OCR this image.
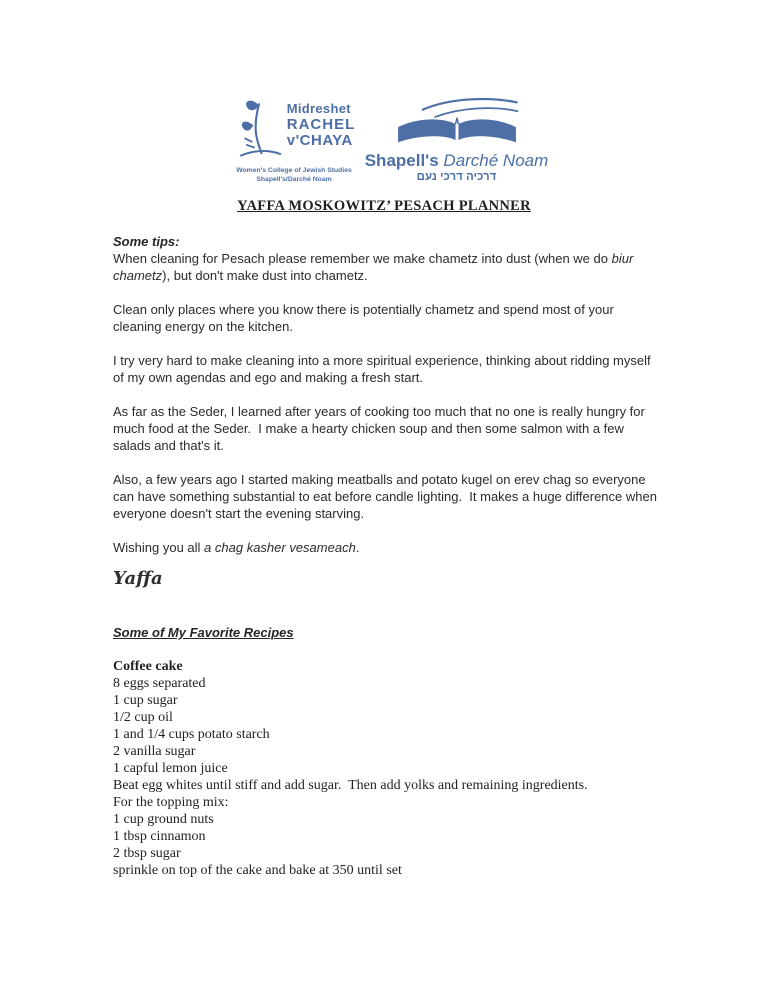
Midreshet
RACHEL
v'CHAYA
Women's College of Jewish Studies
Shapell's/Darché Noam
Shapell's Darché Noam
דרכיה דרכי נעם
YAFFA MOSKOWITZ’ PESACH PLANNER
Some tips:
When cleaning for Pesach please remember we make chametz into dust (when we do biur chametz), but don't make dust into chametz.
Clean only places where you know there is potentially chametz and spend most of your cleaning energy on the kitchen.
I try very hard to make cleaning into a more spiritual experience, thinking about ridding myself of my own agendas and ego and making a fresh start.
As far as the Seder, I learned after years of cooking too much that no one is really hungry for much food at the Seder.  I make a hearty chicken soup and then some salmon with a few salads and that's it.
Also, a few years ago I started making meatballs and potato kugel on erev chag so everyone can have something substantial to eat before candle lighting.  It makes a huge difference when everyone doesn't start the evening starving.
Wishing you all a chag kasher vesameach.
Yaffa
Some of My Favorite Recipes
Coffee cake
8 eggs separated
1 cup sugar
1/2 cup oil
1 and 1/4 cups potato starch
2 vanilla sugar
1 capful lemon juice
Beat egg whites until stiff and add sugar.  Then add yolks and remaining ingredients.
For the topping mix:
1 cup ground nuts
1 tbsp cinnamon
2 tbsp sugar
sprinkle on top of the cake and bake at 350 until set
